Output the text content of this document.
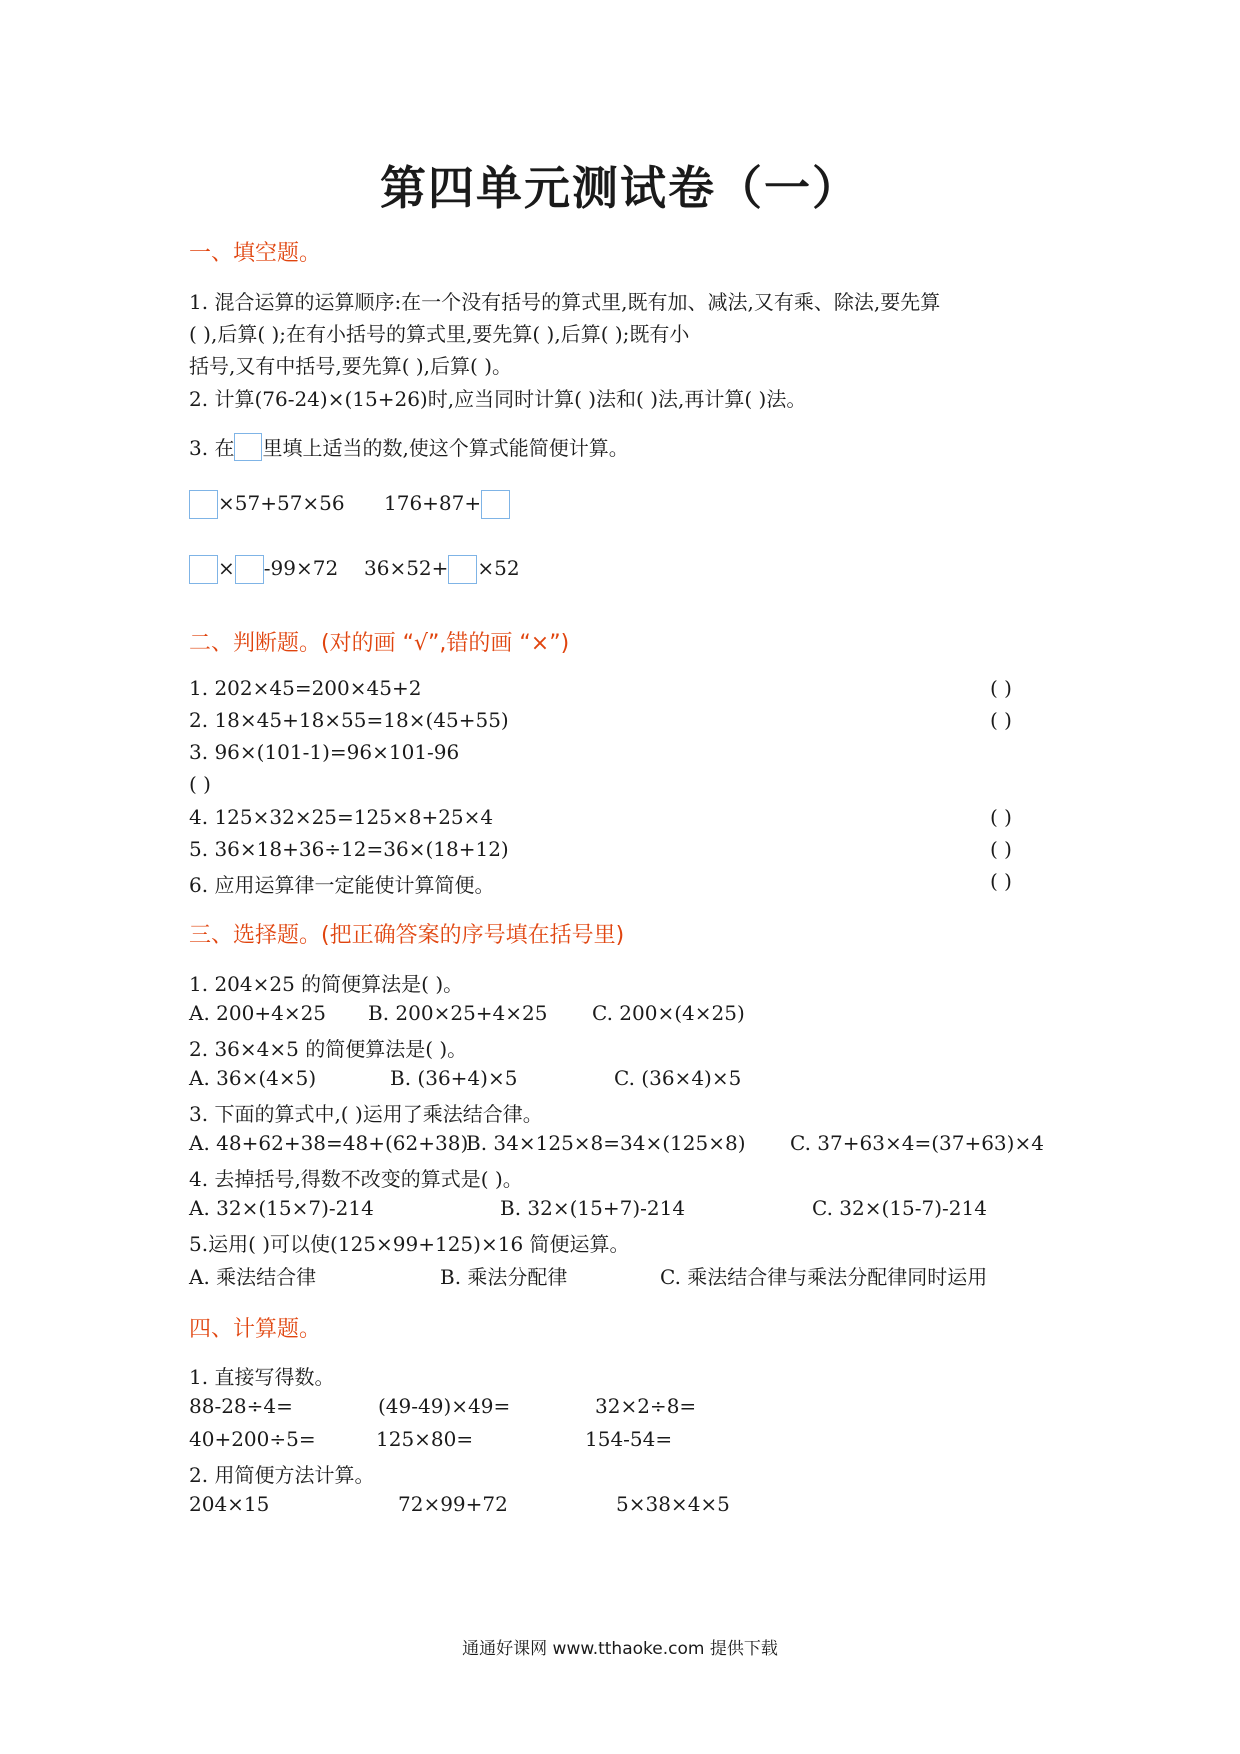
第四单元测试卷（一）
一、填空题。
1. 混合运算的运算顺序:在一个没有括号的算式里,既有加、减法,又有乘、除法,要先算
( ),后算( );在有小括号的算式里,要先算( ),后算( );既有小
括号,又有中括号,要先算( ),后算( )。
2. 计算(76-24)×(15+26)时,应当同时计算( )法和( )法,再计算( )法。
3. 在 里填上适当的数,使这个算式能简便计算。
×57+57×56 176+87+
× -99×72 36×52+ ×52
二、判断题。(对的画 “√”,错的画 “×”)
1. 202×45=200×45+2	( )
2. 18×45+18×55=18×(45+55)	( )
3. 96×(101-1)=96×101-96
( )
4. 125×32×25=125×8+25×4	( )
5. 36×18+36÷12=36×(18+12)	( )
6. 应用运算律一定能使计算简便。	( )
三、选择题。(把正确答案的序号填在括号里)
1. 204×25 的简便算法是( )。
A. 200+4×25 B. 200×25+4×25 C. 200×(4×25)
2. 36×4×5 的简便算法是( )。
A. 36×(4×5)	B. (36+4)×5	C. (36×4)×5
3. 下面的算式中,( )运用了乘法结合律。
A. 48+62+38=48+(62+38)
B. 34×125×8=34×(125×8) C. 37+63×4=(37+63)×4
4. 去掉括号,得数不改变的算式是( )。
A. 32×(15×7)-214	B. 32×(15+7)-214	C. 32×(15-7)-214
5.运用( )可以使(125×99+125)×16 简便运算。
A. 乘法结合律	B. 乘法分配律	C. 乘法结合律与乘法分配律同时运用
四、计算题。
1. 直接写得数。
88-28÷4=	(49-49)×49=	32×2÷8=
40+200÷5=	125×80=	154-54=
2. 用简便方法计算。
204×15	72×99+72	5×38×4×5
通通好课网 www.tthaoke.com 提供下载
